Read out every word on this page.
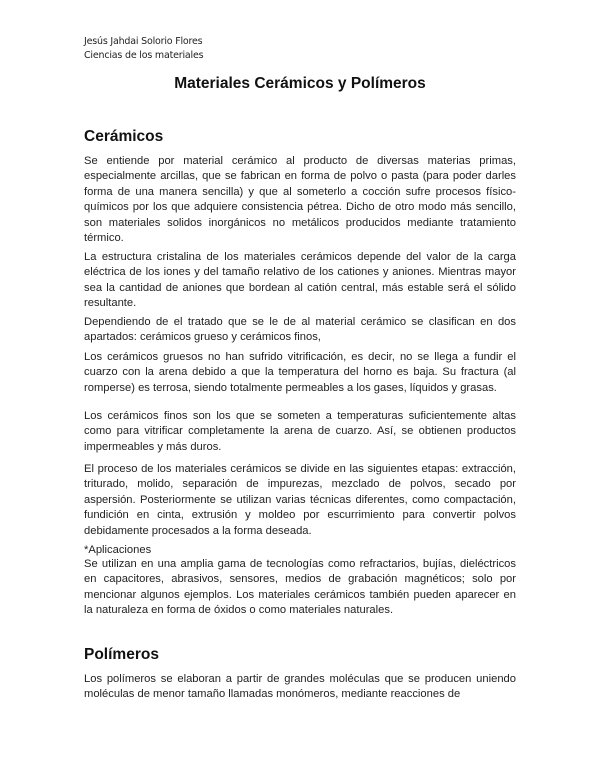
Jesús Jahdai Solorio Flores
Ciencias de los materiales
Materiales Cerámicos y Polímeros
Cerámicos

Se entiende por material cerámico al producto de diversas materias primas, especialmente arcillas, que se fabrican en forma de polvo o pasta (para poder darles forma de una manera sencilla) y que al someterlo a cocción sufre procesos físico-químicos por los que adquiere consistencia pétrea. Dicho de otro modo más sencillo, son materiales solidos inorgánicos no metálicos producidos mediante tratamiento térmico.

La estructura cristalina de los materiales cerámicos depende del valor de la carga eléctrica de los iones y del tamaño relativo de los cationes y aniones. Mientras mayor sea la cantidad de aniones que bordean al catión central, más estable será el sólido resultante.

Dependiendo de el tratado que se le de al material cerámico se clasifican en dos apartados: cerámicos grueso y cerámicos finos,

Los cerámicos gruesos no han sufrido vitrificación, es decir, no se llega a fundir el cuarzo con la arena debido a que la temperatura del horno es baja. Su fractura (al romperse) es terrosa, siendo totalmente permeables a los gases, líquidos y grasas.

Los cerámicos finos son los que se someten a temperaturas suficientemente altas como para vitrificar completamente la arena de cuarzo. Así, se obtienen productos impermeables y más duros.

El proceso de los materiales cerámicos se divide en las siguientes etapas: extracción, triturado, molido, separación de impurezas, mezclado de polvos, secado por aspersión. Posteriormente se utilizan varias técnicas diferentes, como compactación, fundición en cinta, extrusión y moldeo por escurrimiento para convertir polvos debidamente procesados a la forma deseada.

*Aplicaciones

Se utilizan en una amplia gama de tecnologías como refractarios, bujías, dieléctricos en capacitores, abrasivos, sensores, medios de grabación magnéticos; solo por mencionar algunos ejemplos. Los materiales cerámicos también pueden aparecer en la naturaleza en forma de óxidos o como materiales naturales.

Polímeros

Los polímeros se elaboran a partir de grandes moléculas que se producen uniendo moléculas de menor tamaño llamadas monómeros, mediante reacciones de
